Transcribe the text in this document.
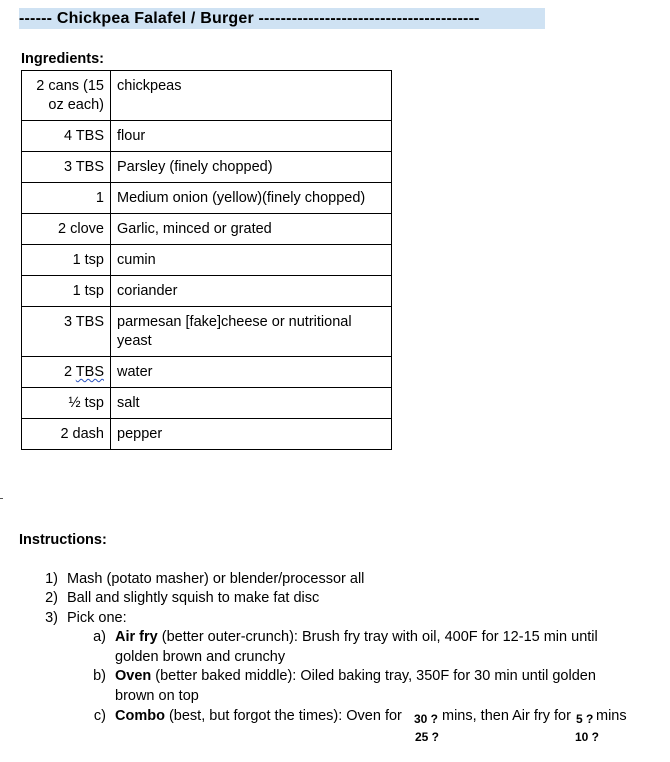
------ Chickpea Falafel / Burger ----------------------------------------
Ingredients:
2 cans (15 oz each)	chickpeas
4 TBS	flour
3 TBS	Parsley (finely chopped)
1	Medium onion (yellow)(finely chopped)
2 clove	Garlic, minced or grated
1 tsp	cumin
1 tsp	coriander
3 TBS	parmesan [fake]cheese or nutritional yeast
2 TBS	water
½ tsp	salt
2 dash	pepper
Instructions:
1) Mash (potato masher) or blender/processor all
2) Ball and slightly squish to make fat disc
3) Pick one:
a) Air fry (better outer-crunch): Brush fry tray with oil, 400F for 12-15 min until
golden brown and crunchy
b) Oven (better baked middle): Oiled baking tray, 350F for 30 min until golden
brown on top
c) Combo (best, but forgot the times): Oven for 30 ?
25 ?
mins, then Air fry for 5 ?
10 ?
mins
